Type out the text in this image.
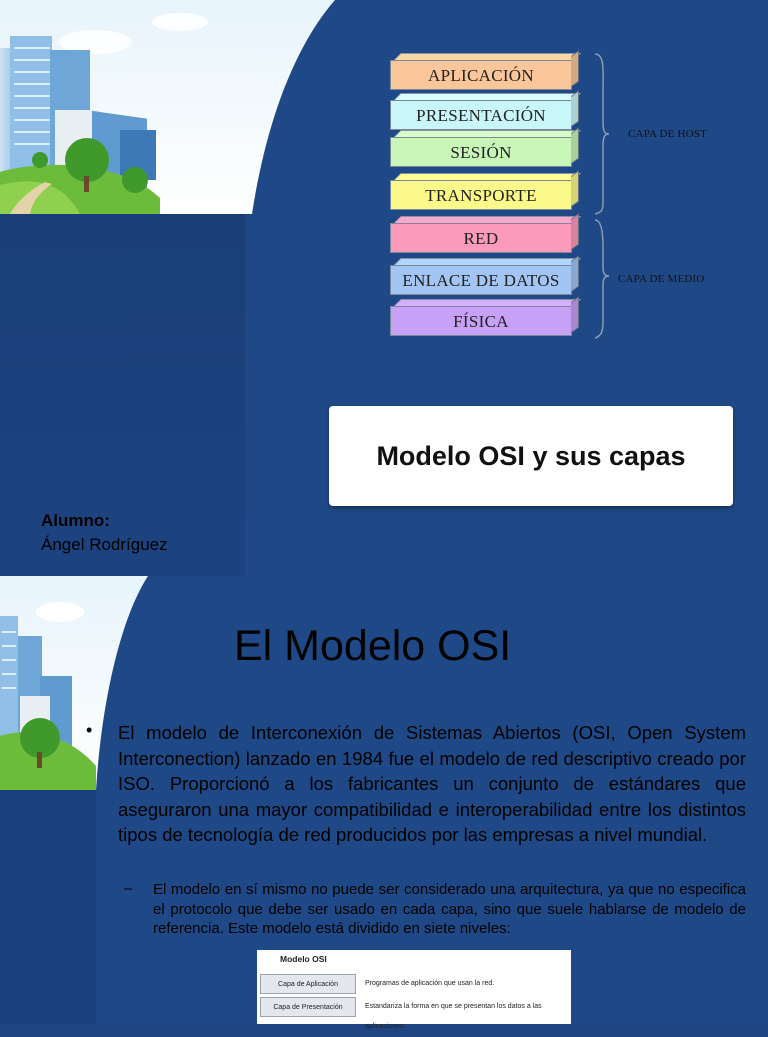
APLICACIÓN
PRESENTACIÓN
SESIÓN
TRANSPORTE
RED
ENLACE DE DATOS
FÍSICA
CAPA DE HOST
CAPA DE MEDIO
Modelo OSI y sus capas
Alumno:
Ángel Rodríguez
El Modelo OSI
• El modelo de Interconexión de Sistemas Abiertos (OSI, Open System Interconection) lanzado en 1984 fue el modelo de red descriptivo creado por ISO. Proporcionó a los fabricantes un conjunto de estándares que aseguraron una mayor compatibilidad e interoperabilidad entre los distintos tipos de tecnología de red producidos por las empresas a nivel mundial.

– El modelo en sí mismo no puede ser considerado una arquitectura, ya que no especifica el protocolo que debe ser usado en cada capa, sino que suele hablarse de modelo de referencia. Este modelo está dividido en siete niveles:

Modelo OSI
Capa de Aplicación	Programas de aplicación que usan la red.
Capa de Presentación	Estandariza la forma en que se presentan los datos a las aplicaciones.
